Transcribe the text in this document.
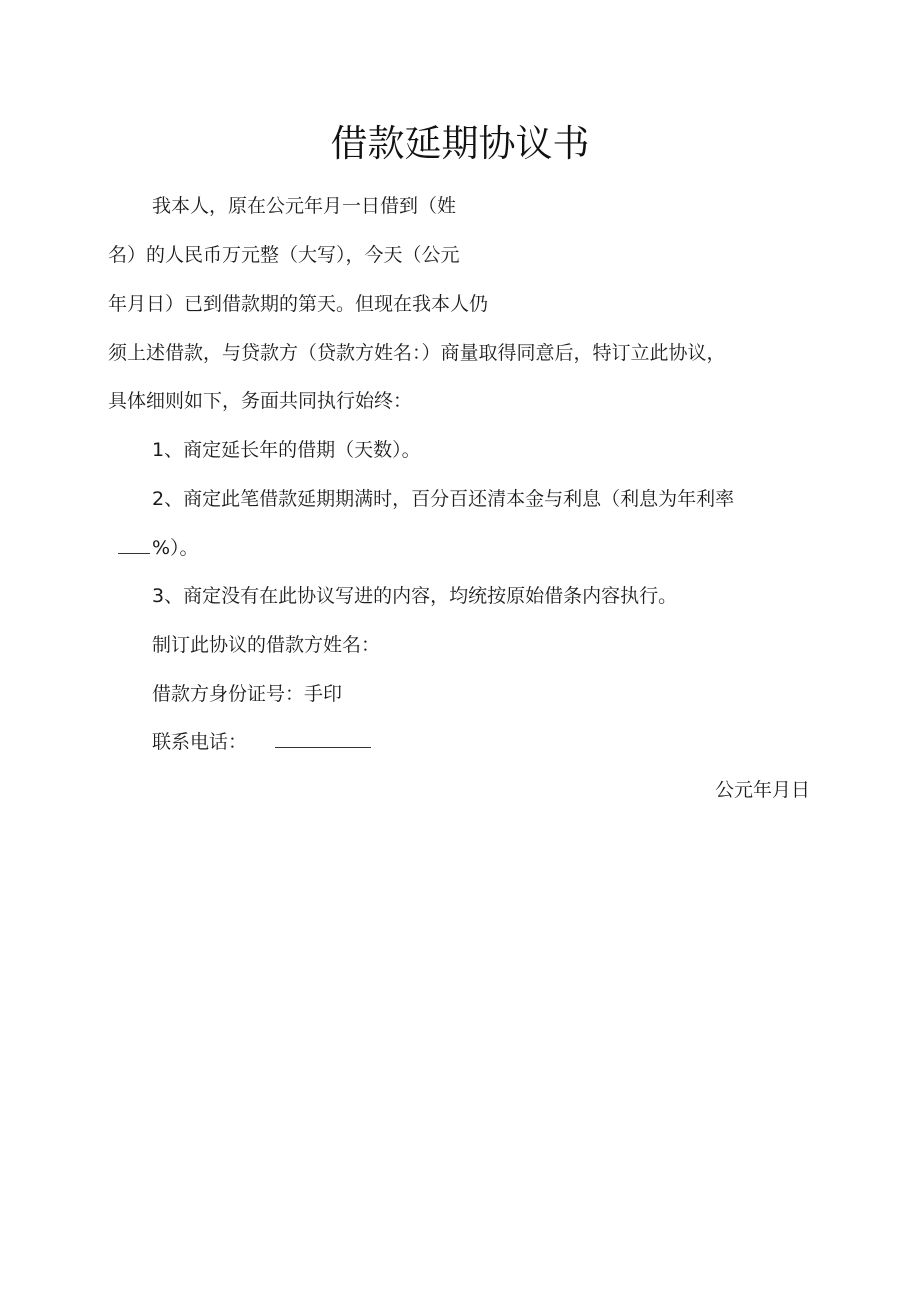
借款延期协议书
我本人，原在公元年月一日借到（姓
名）的人民币万元整（大写），今天（公元
年月日）已到借款期的第天。但现在我本人仍
须上述借款，与贷款方（贷款方姓名：）商量取得同意后，特订立此协议，
具体细则如下，务面共同执行始终：
1、商定延长年的借期（天数）。
2、商定此笔借款延期期满时，百分百还清本金与利息（利息为年利率
%）。
3、商定没有在此协议写进的内容，均统按原始借条内容执行。
制订此协议的借款方姓名：
借款方身份证号：手印
联系电话：
公元年月日
